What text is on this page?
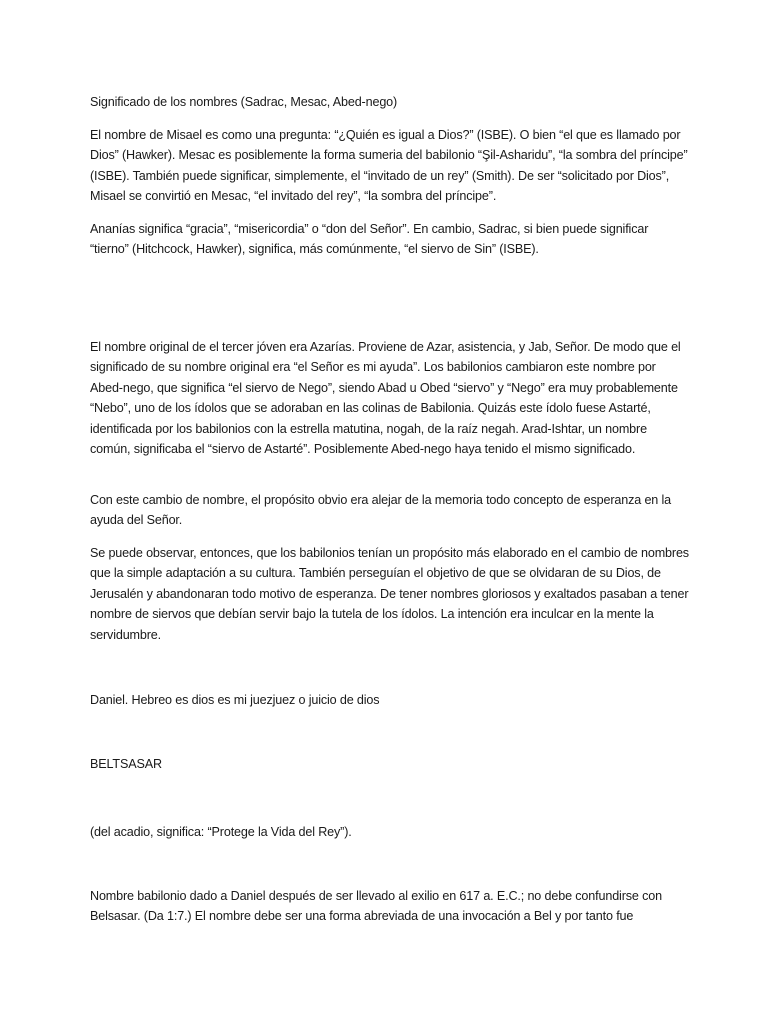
Significado de los nombres (Sadrac, Mesac, Abed-nego)

El nombre de Misael es como una pregunta: “¿Quién es igual a Dios?” (ISBE). O bien “el que es llamado por Dios” (Hawker). Mesac es posiblemente la forma sumeria del babilonio “Şil-Asharidu”, “la sombra del príncipe” (ISBE). También puede significar, simplemente, el “invitado de un rey” (Smith). De ser “solicitado por Dios”, Misael se convirtió en Mesac, “el invitado del rey”, “la sombra del príncipe”.

Ananías significa “gracia”, “misericordia” o “don del Señor”. En cambio, Sadrac, si bien puede significar “tierno” (Hitchcock, Hawker), significa, más comúnmente, “el siervo de Sin” (ISBE).

El nombre original de el tercer jóven era Azarías. Proviene de Azar, asistencia, y Jab, Señor. De modo que el significado de su nombre original era “el Señor es mi ayuda”. Los babilonios cambiaron este nombre por Abed-nego, que significa “el siervo de Nego”, siendo Abad u Obed “siervo” y “Nego” era muy probablemente “Nebo”, uno de los ídolos que se adoraban en las colinas de Babilonia. Quizás este ídolo fuese Astarté, identificada por los babilonios con la estrella matutina, nogah, de la raíz negah. Arad-Ishtar, un nombre común, significaba el “siervo de Astarté”. Posiblemente Abed-nego haya tenido el mismo significado.

Con este cambio de nombre, el propósito obvio era alejar de la memoria todo concepto de esperanza en la ayuda del Señor.

Se puede observar, entonces, que los babilonios tenían un propósito más elaborado en el cambio de nombres que la simple adaptación a su cultura. También perseguían el objetivo de que se olvidaran de su Dios, de Jerusalén y abandonaran todo motivo de esperanza. De tener nombres gloriosos y exaltados pasaban a tener nombre de siervos que debían servir bajo la tutela de los ídolos. La intención era inculcar en la mente la servidumbre.

Daniel. Hebreo es dios es mi juezjuez o juicio de dios

BELTSASAR

(del acadio, significa: “Protege la Vida del Rey”).

Nombre babilonio dado a Daniel después de ser llevado al exilio en 617 a. E.C.; no debe confundirse con Belsasar. (Da 1:7.) El nombre debe ser una forma abreviada de una invocación a Bel y por tanto fue
